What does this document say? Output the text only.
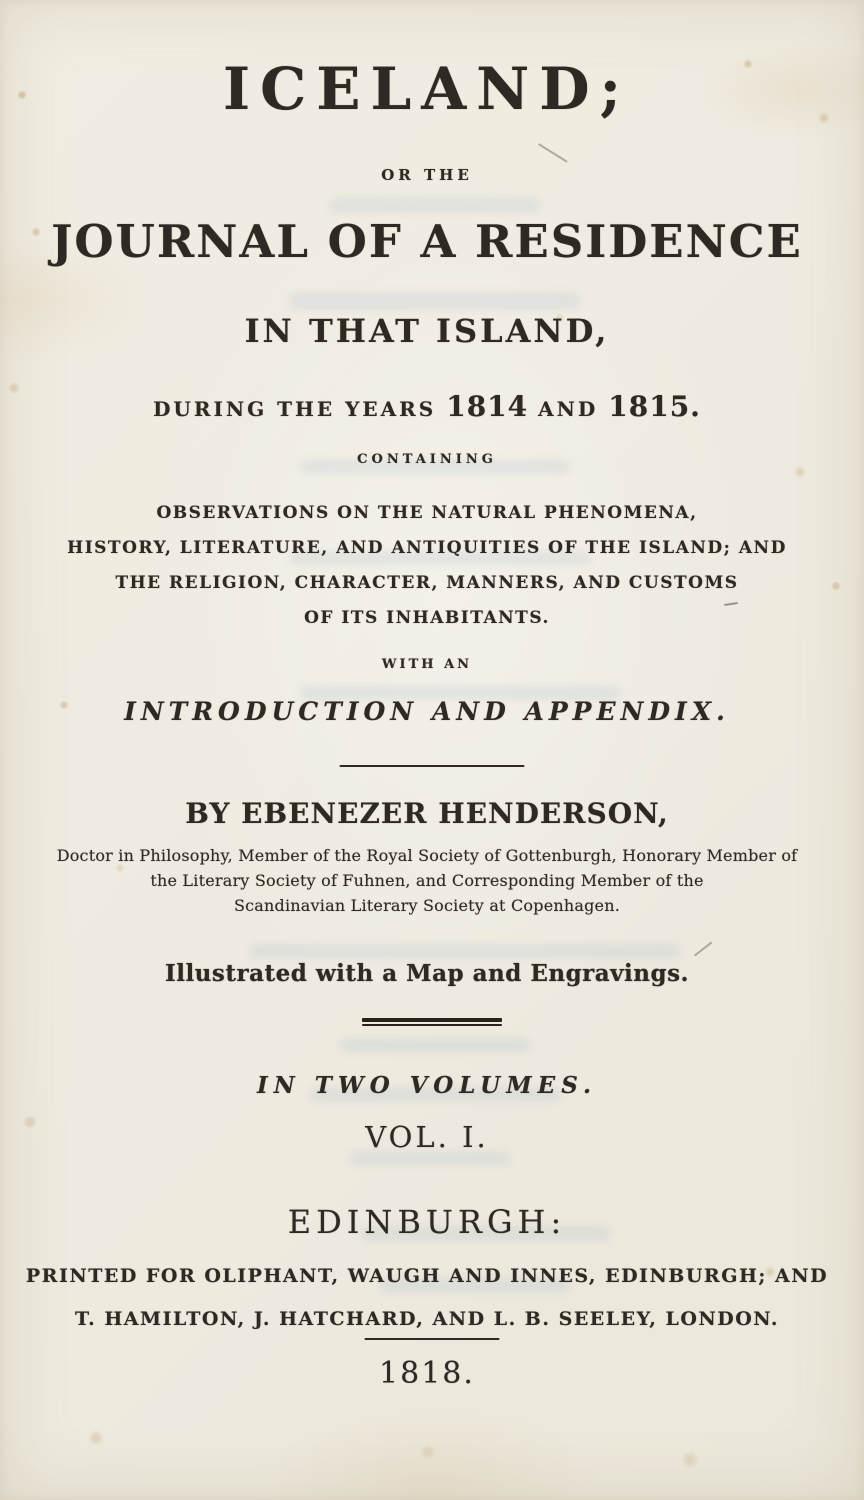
ICELAND;
OR THE
JOURNAL OF A RESIDENCE
IN THAT ISLAND,
DURING THE YEARS 1814 AND 1815.
CONTAINING
OBSERVATIONS ON THE NATURAL PHENOMENA,
HISTORY, LITERATURE, AND ANTIQUITIES OF THE ISLAND; AND
THE RELIGION, CHARACTER, MANNERS, AND CUSTOMS
OF ITS INHABITANTS.
WITH AN
INTRODUCTION AND APPENDIX.
BY EBENEZER HENDERSON,
Doctor in Philosophy, Member of the Royal Society of Gottenburgh, Honorary Member of
the Literary Society of Fuhnen, and Corresponding Member of the
Scandinavian Literary Society at Copenhagen.
Illustrated with a Map and Engravings.
IN TWO VOLUMES.
VOL. I.
EDINBURGH:
PRINTED FOR OLIPHANT, WAUGH AND INNES, EDINBURGH; AND
T. HAMILTON, J. HATCHARD, AND L. B. SEELEY, LONDON.
1818.
